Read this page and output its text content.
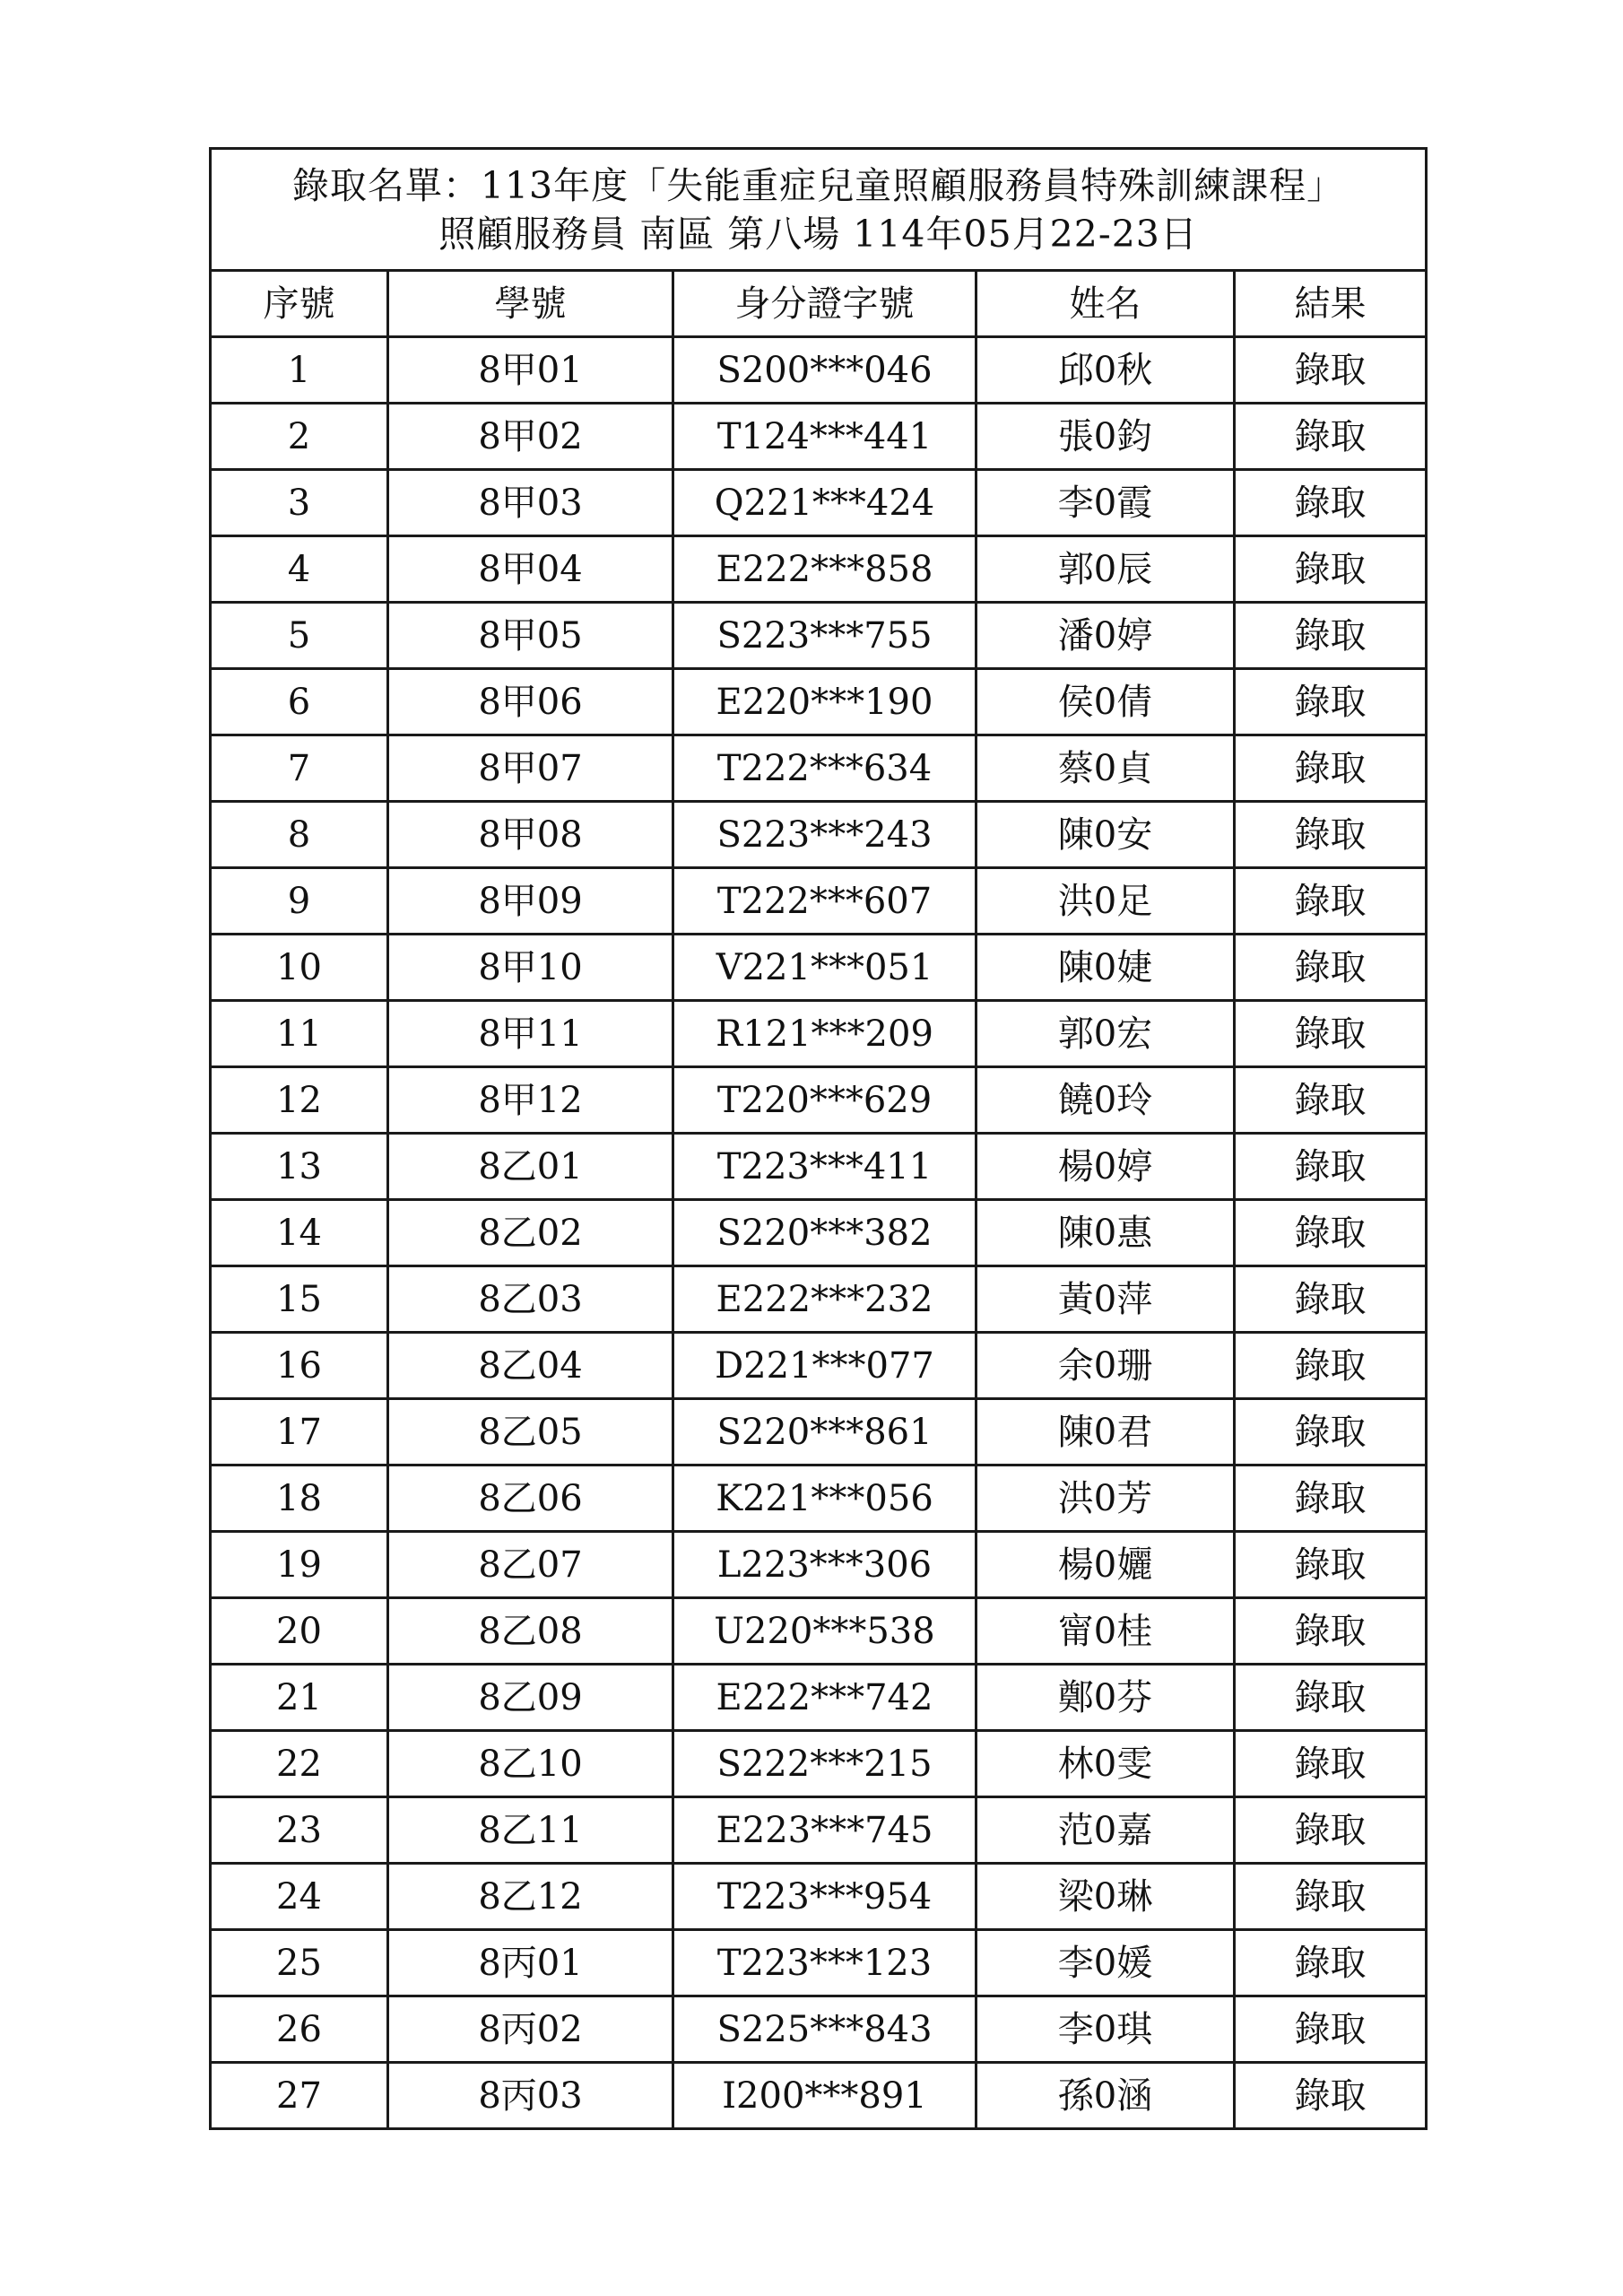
錄取名單：113年度「失能重症兒童照顧服務員特殊訓練課程」
照顧服務員 南區 第八場 114年05月22-23日				

序號	學號	身分證字號	姓名	結果
1	8甲01	S200***046	邱0秋	錄取
2	8甲02	T124***441	張0鈞	錄取
3	8甲03	Q221***424	李0霞	錄取
4	8甲04	E222***858	郭0辰	錄取
5	8甲05	S223***755	潘0婷	錄取
6	8甲06	E220***190	侯0倩	錄取
7	8甲07	T222***634	蔡0貞	錄取
8	8甲08	S223***243	陳0安	錄取
9	8甲09	T222***607	洪0足	錄取
10	8甲10	V221***051	陳0婕	錄取
11	8甲11	R121***209	郭0宏	錄取
12	8甲12	T220***629	饒0玲	錄取
13	8乙01	T223***411	楊0婷	錄取
14	8乙02	S220***382	陳0惠	錄取
15	8乙03	E222***232	黃0萍	錄取
16	8乙04	D221***077	余0珊	錄取
17	8乙05	S220***861	陳0君	錄取
18	8乙06	K221***056	洪0芳	錄取
19	8乙07	L223***306	楊0孋	錄取
20	8乙08	U220***538	甯0桂	錄取
21	8乙09	E222***742	鄭0芬	錄取
22	8乙10	S222***215	林0雯	錄取
23	8乙11	E223***745	范0嘉	錄取
24	8乙12	T223***954	梁0琳	錄取
25	8丙01	T223***123	李0媛	錄取
26	8丙02	S225***843	李0琪	錄取
27	8丙03	I200***891	孫0涵	錄取
